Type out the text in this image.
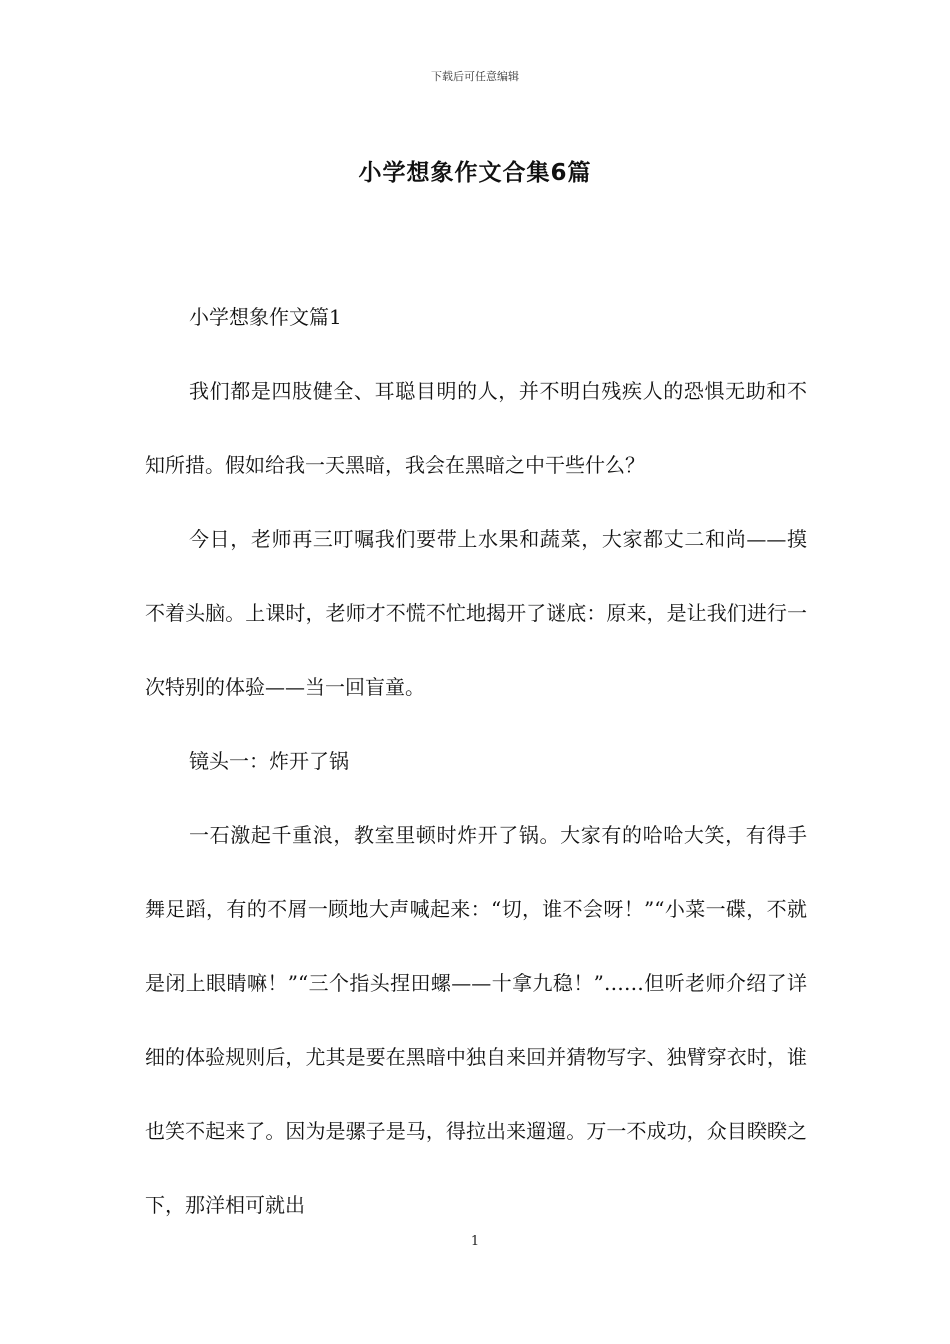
下载后可任意编辑
小学想象作文合集6篇

小学想象作文篇1

我们都是四肢健全、耳聪目明的人，并不明白残疾人的恐惧无助和不知所措。假如给我一天黑暗，我会在黑暗之中干些什么？

今日，老师再三叮嘱我们要带上水果和蔬菜，大家都丈二和尚——摸不着头脑。上课时，老师才不慌不忙地揭开了谜底：原来，是让我们进行一次特别的体验——当一回盲童。

镜头一：炸开了锅

一石激起千重浪，教室里顿时炸开了锅。大家有的哈哈大笑，有得手舞足蹈，有的不屑一顾地大声喊起来：“切，谁不会呀！”“小菜一碟，不就是闭上眼睛嘛！”“三个指头捏田螺——十拿九稳！”……但听老师介绍了详细的体验规则后，尤其是要在黑暗中独自来回并猜物写字、独臂穿衣时，谁也笑不起来了。因为是骡子是马，得拉出来遛遛。万一不成功，众目睽睽之下，那洋相可就出

1
